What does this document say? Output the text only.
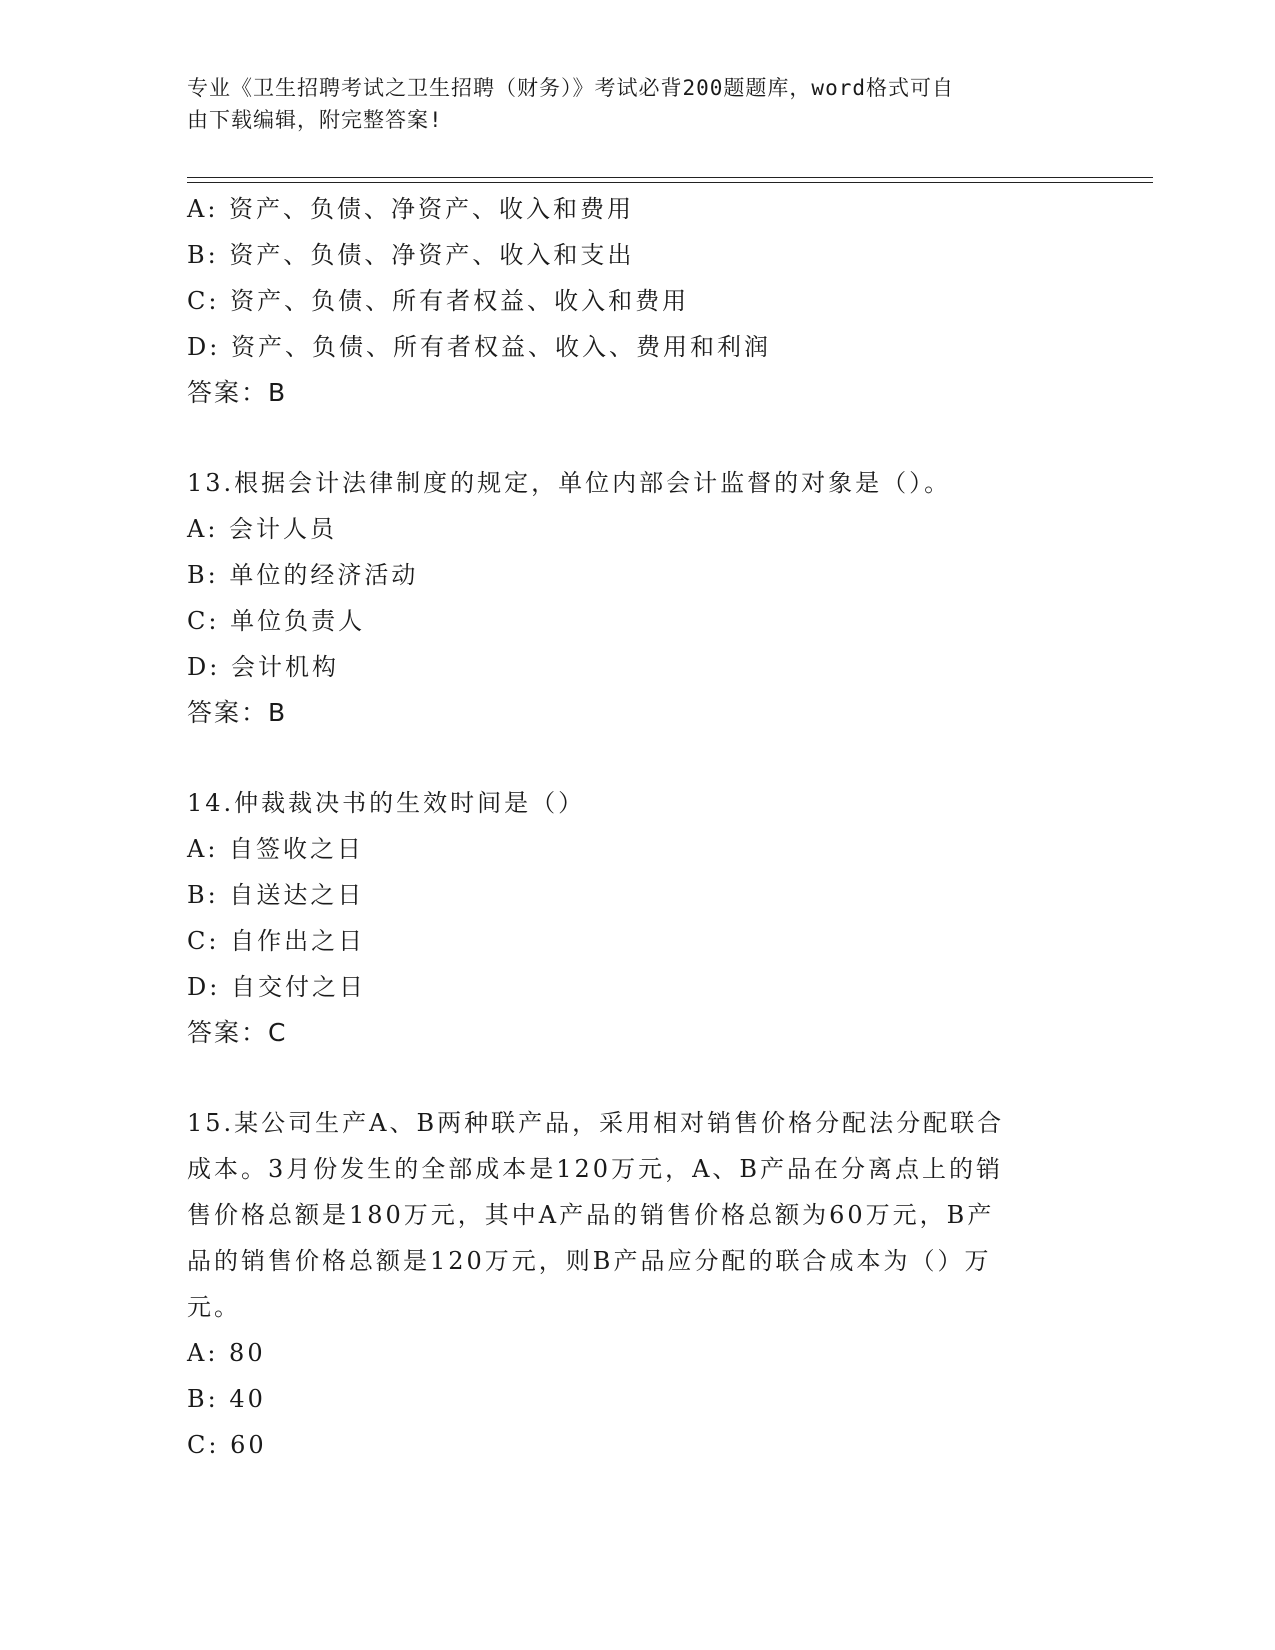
专业《卫生招聘考试之卫生招聘（财务）》考试必背200题题库，word格式可自
由下载编辑，附完整答案!
A: 资产、负债、净资产、收入和费用
B: 资产、负债、净资产、收入和支出
C: 资产、负债、所有者权益、收入和费用
D: 资产、负债、所有者权益、收入、费用和利润
答案：B
13.根据会计法律制度的规定，单位内部会计监督的对象是（）。
A: 会计人员
B: 单位的经济活动
C: 单位负责人
D: 会计机构
答案：B
14.仲裁裁决书的生效时间是（）
A: 自签收之日
B: 自送达之日
C: 自作出之日
D: 自交付之日
答案：C
15.某公司生产A、B两种联产品，采用相对销售价格分配法分配联合
成本。3月份发生的全部成本是120万元，A、B产品在分离点上的销
售价格总额是180万元，其中A产品的销售价格总额为60万元，B产
品的销售价格总额是120万元，则B产品应分配的联合成本为（）万
元。
A: 80
B: 40
C: 60
